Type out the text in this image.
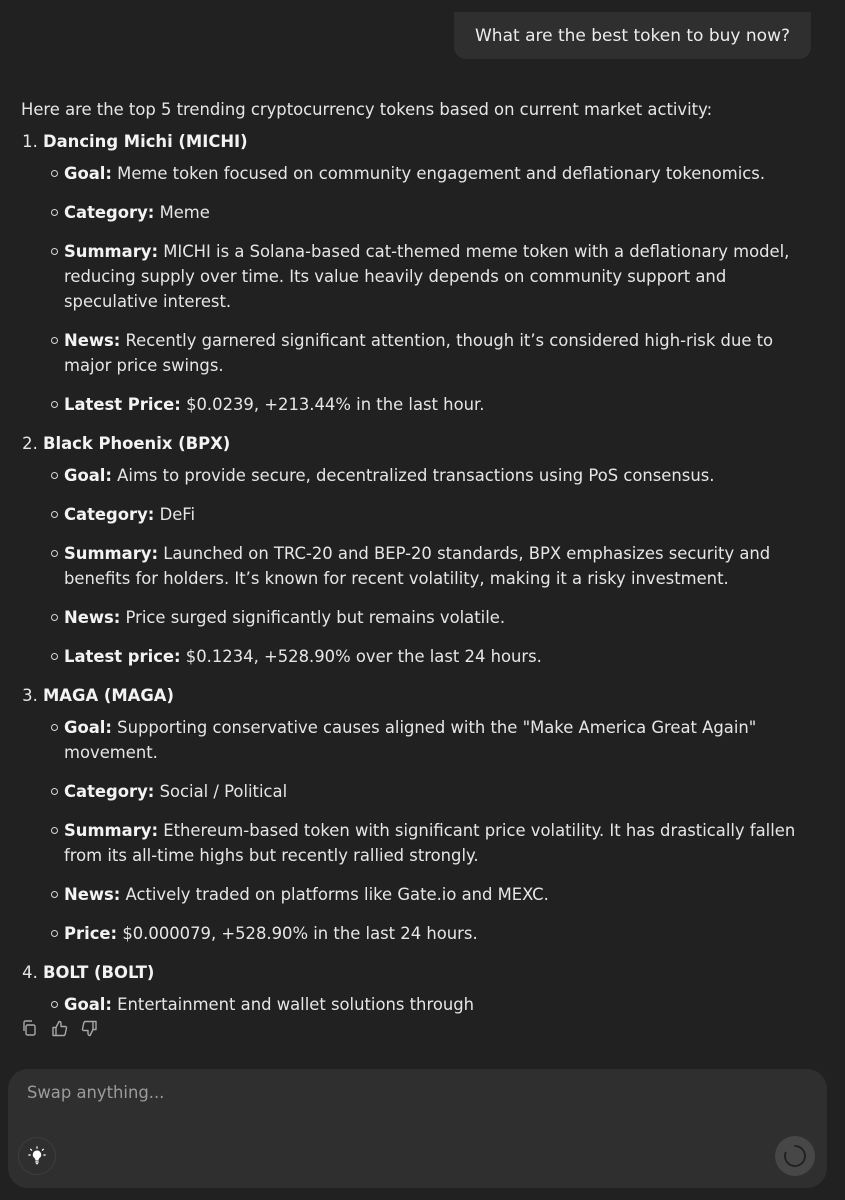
What are the best token to buy now?

Here are the top 5 trending cryptocurrency tokens based on current market activity:

1. Dancing Michi (MICHI)
Goal: Meme token focused on community engagement and deflationary tokenomics.
Category: Meme
Summary: MICHI is a Solana-based cat-themed meme token with a deflationary model, reducing supply over time. Its value heavily depends on community support and speculative interest.
News: Recently garnered significant attention, though it’s considered high-risk due to major price swings.
Latest Price: $0.0239, +213.44% in the last hour.
2. Black Phoenix (BPX)
Goal: Aims to provide secure, decentralized transactions using PoS consensus.
Category: DeFi
Summary: Launched on TRC-20 and BEP-20 standards, BPX emphasizes security and benefits for holders. It’s known for recent volatility, making it a risky investment.
News: Price surged significantly but remains volatile.
Latest price: $0.1234, +528.90% over the last 24 hours.
3. MAGA (MAGA)
Goal: Supporting conservative causes aligned with the "Make America Great Again" movement.
Category: Social / Political
Summary: Ethereum-based token with significant price volatility. It has drastically fallen from its all-time highs but recently rallied strongly.
News: Actively traded on platforms like Gate.io and MEXC.
Price: $0.000079, +528.90% in the last 24 hours.
4. BOLT (BOLT)
Goal: Entertainment and wallet solutions through
Swap anything...
